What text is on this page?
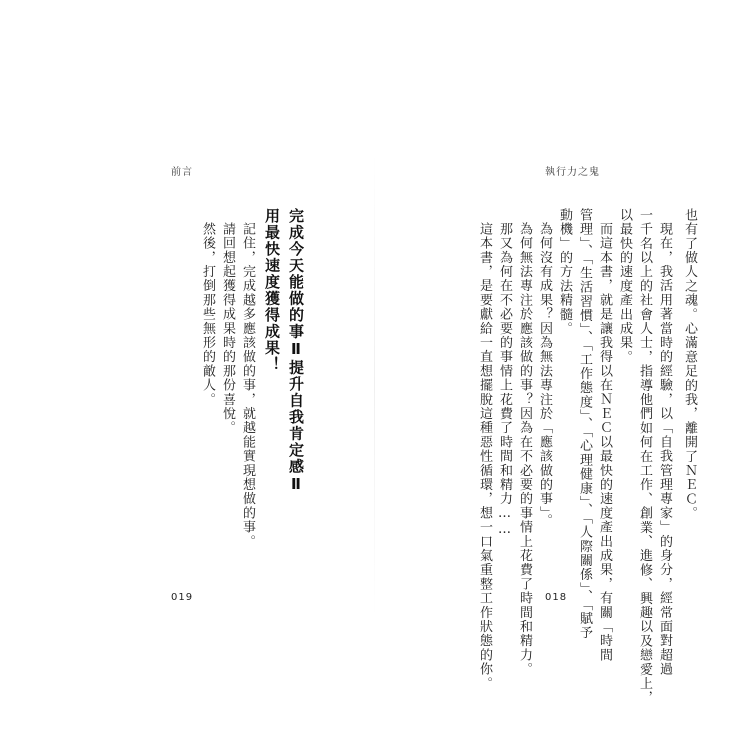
前言
完成今天能做的事Ⅱ提升自我肯定感Ⅱ
用最快速度獲得成果！
記住，完成越多應該做的事，就越能實現想做的事。
請回想起獲得成果時的那份喜悅。
然後，打倒那些無形的敵人。
019
執行力之鬼
也有了做人之魂。心滿意足的我，離開了ＮＥＣ。
現在，我活用著當時的經驗，以「自我管理專家」的身分，經常面對超過
一千名以上的社會人士，指導他們如何在工作、創業、進修、興趣以及戀愛上，
以最快的速度產出成果。
而這本書，就是讓我得以在ＮＥＣ以最快的速度產出成果，有關「時間
管理」、「生活習慣」、「工作態度」、「心理健康」、「人際關係」、「賦予
動機」的方法精髓。
為何沒有成果？因為無法專注於「應該做的事」。
為何無法專注於應該做的事？因為在不必要的事情上花費了時間和精力。
那又為何在不必要的事情上花費了時間和精力……
這本書，是要獻給一直想擺脫這種惡性循環，想一口氣重整工作狀態的你。	018
